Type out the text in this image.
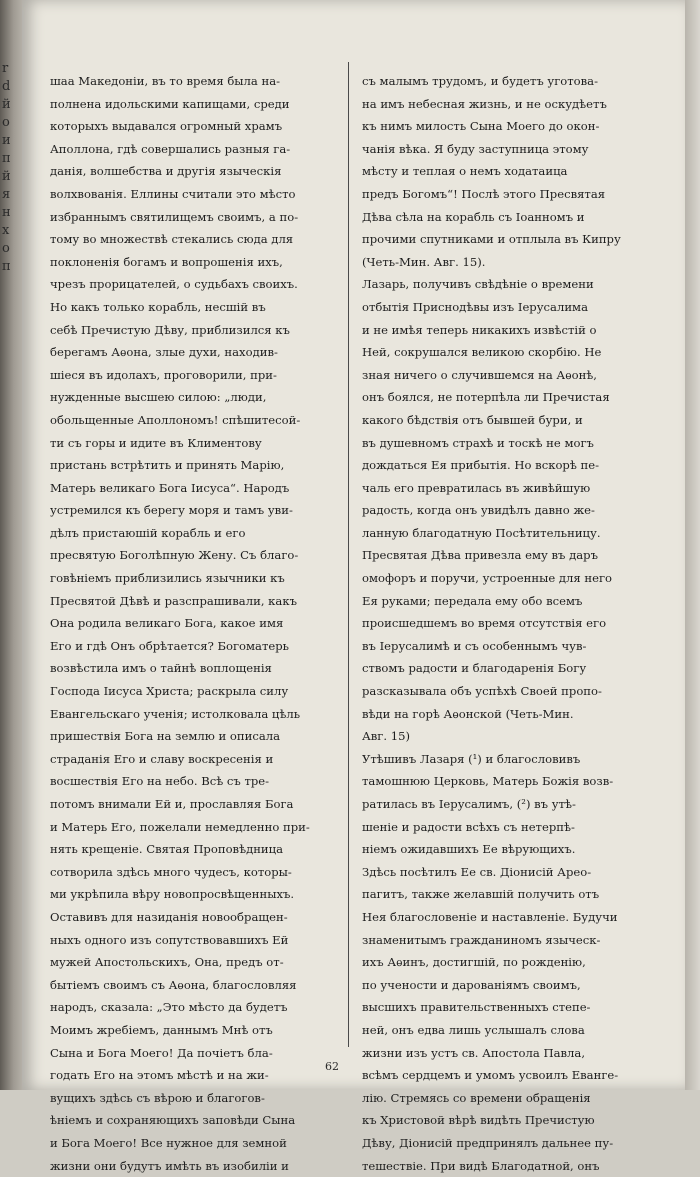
r
d
й
о
и
п
й
я
н
х
о
п
шаа Македоніи, въ то время была на-
полнена идольскими капищами, среди
которыхъ выдавался огромный храмъ
Аполлона, гдѣ совершались разныя га-
данія, волшебства и другія языческія
волхвованія. Еллины считали это мѣсто
избраннымъ святилищемъ своимъ, а по-
тому во множествѣ стекались сюда для
поклоненія богамъ и вопрошенія ихъ,
чрезъ прорицателей, о судьбахъ своихъ.
Но какъ только корабль, несшій въ
себѣ Пречистую Дѣву, приблизился къ
берегамъ Аѳона, злые духи, находив-
шіеся въ идолахъ, проговорили, при-
нужденные высшею силою: „люди,
обольщенные Аполлономъ! спѣшитесой-
ти съ горы и идите въ Климентову
пристань встрѣтить и принять Марію,
Матерь великаго Бога Іисуса“. Народъ
устремился къ берегу моря и тамъ уви-
дѣлъ пристаюшій корабль и его
пресвятую Боголѣпную Жену. Съ благо-
говѣніемъ приблизились язычники къ
Пресвятой Дѣвѣ и разспрашивали, какъ
Она родила великаго Бога, какое имя
Его и гдѣ Онъ обрѣтается? Богоматерь
возвѣстила имъ о тайнѣ воплощенія
Господа Іисуса Христа; раскрыла силу
Евангельскаго ученія; истолковала цѣль
пришествія Бога на землю и описала
страданія Его и славу воскресенія и
восшествія Его на небо. Всѣ съ тре-
потомъ внимали Ей и, прославляя Бога
и Матерь Его, пожелали немедленно при-
нять крещеніе. Святая Проповѣдница
сотворила здѣсь много чудесъ, которы-
ми укрѣпила вѣру новопросвѣщенныхъ.
Оставивъ для назиданія новообращен-
ныхъ одного изъ сопутствовавшихъ Ей
мужей Апостольскихъ, Она, предъ от-
бытіемъ своимъ съ Аѳона, благословляя
народъ, сказала: „Это мѣсто да будетъ
Моимъ жребіемъ, даннымъ Мнѣ отъ
Сына и Бога Моего! Да почіетъ бла-
годать Его на этомъ мѣстѣ и на жи-
вущихъ здѣсь съ вѣрою и благогов-
ѣніемъ и сохраняющихъ заповѣди Сына
и Бога Моего! Все нужное для земной
жизни они будутъ имѣть въ изобиліи и
съ малымъ трудомъ, и будетъ уготова-
на имъ небесная жизнь, и не оскудѣетъ
къ нимъ милость Сына Моего до окон-
чанія вѣка. Я буду заступница этому
мѣсту и теплая о немъ ходатаица
предъ Богомъ“! Послѣ этого Пресвятая
Дѣва сѣла на корабль съ Іоанномъ и
прочими спутниками и отплыла въ Кипру
(Четь-Мин. Авг. 15).
Лазарь, получивъ свѣдѣніе о времени
отбытія Приснодѣвы изъ Іерусалима
и не имѣя теперь никакихъ извѣстій о
Ней, сокрушался великою скорбію. Не
зная ничего о случившемся на Аѳонѣ,
онъ боялся, не потерпѣла ли Пречистая
какого бѣдствія отъ бывшей бури, и
въ душевномъ страхѣ и тоскѣ не могъ
дождаться Ея прибытія. Но вскорѣ пе-
чаль его превратилась въ живѣйшую
радость, когда онъ увидѣлъ давно же-
ланную благодатную Посѣтительницу.
Пресвятая Дѣва привезла ему въ даръ
омофоръ и поручи, устроенные для него
Ея руками; передала ему обо всемъ
происшедшемъ во время отсутствія его
въ Іерусалимѣ и съ особеннымъ чув-
ствомъ радости и благодаренія Богу
разсказывала объ успѣхѣ Своей пропо-
вѣди на горѣ Аѳонской (Четь-Мин.
Авг. 15)
Утѣшивъ Лазаря (¹) и благословивъ
тамошнюю Церковь, Матерь Божія возв-
ратилась въ Іерусалимъ, (²) въ утѣ-
шеніе и радости всѣхъ съ нетерпѣ-
ніемъ ожидавшихъ Ее вѣрующихъ.
Здѣсь посѣтилъ Ее св. Діонисій Арео-
пагитъ, также желавшій получить отъ
Нея благословеніе и наставленіе. Будучи
знаменитымъ гражданиномъ языческ-
ихъ Аѳинъ, достигшій, по рожденію,
по учености и дарованіямъ своимъ,
высшихъ правительственныхъ степе-
ней, онъ едва лишь услышалъ слова
жизни изъ устъ св. Апостола Павла,
всѣмъ сердцемъ и умомъ усвоилъ Еванге-
лію. Стремясь со времени обращенія
къ Христовой вѣрѣ видѣть Пречистую
Дѣву, Діонисій предпринялъ дальнее пу-
тешествіе. При видѣ Благодатной, онъ
62
